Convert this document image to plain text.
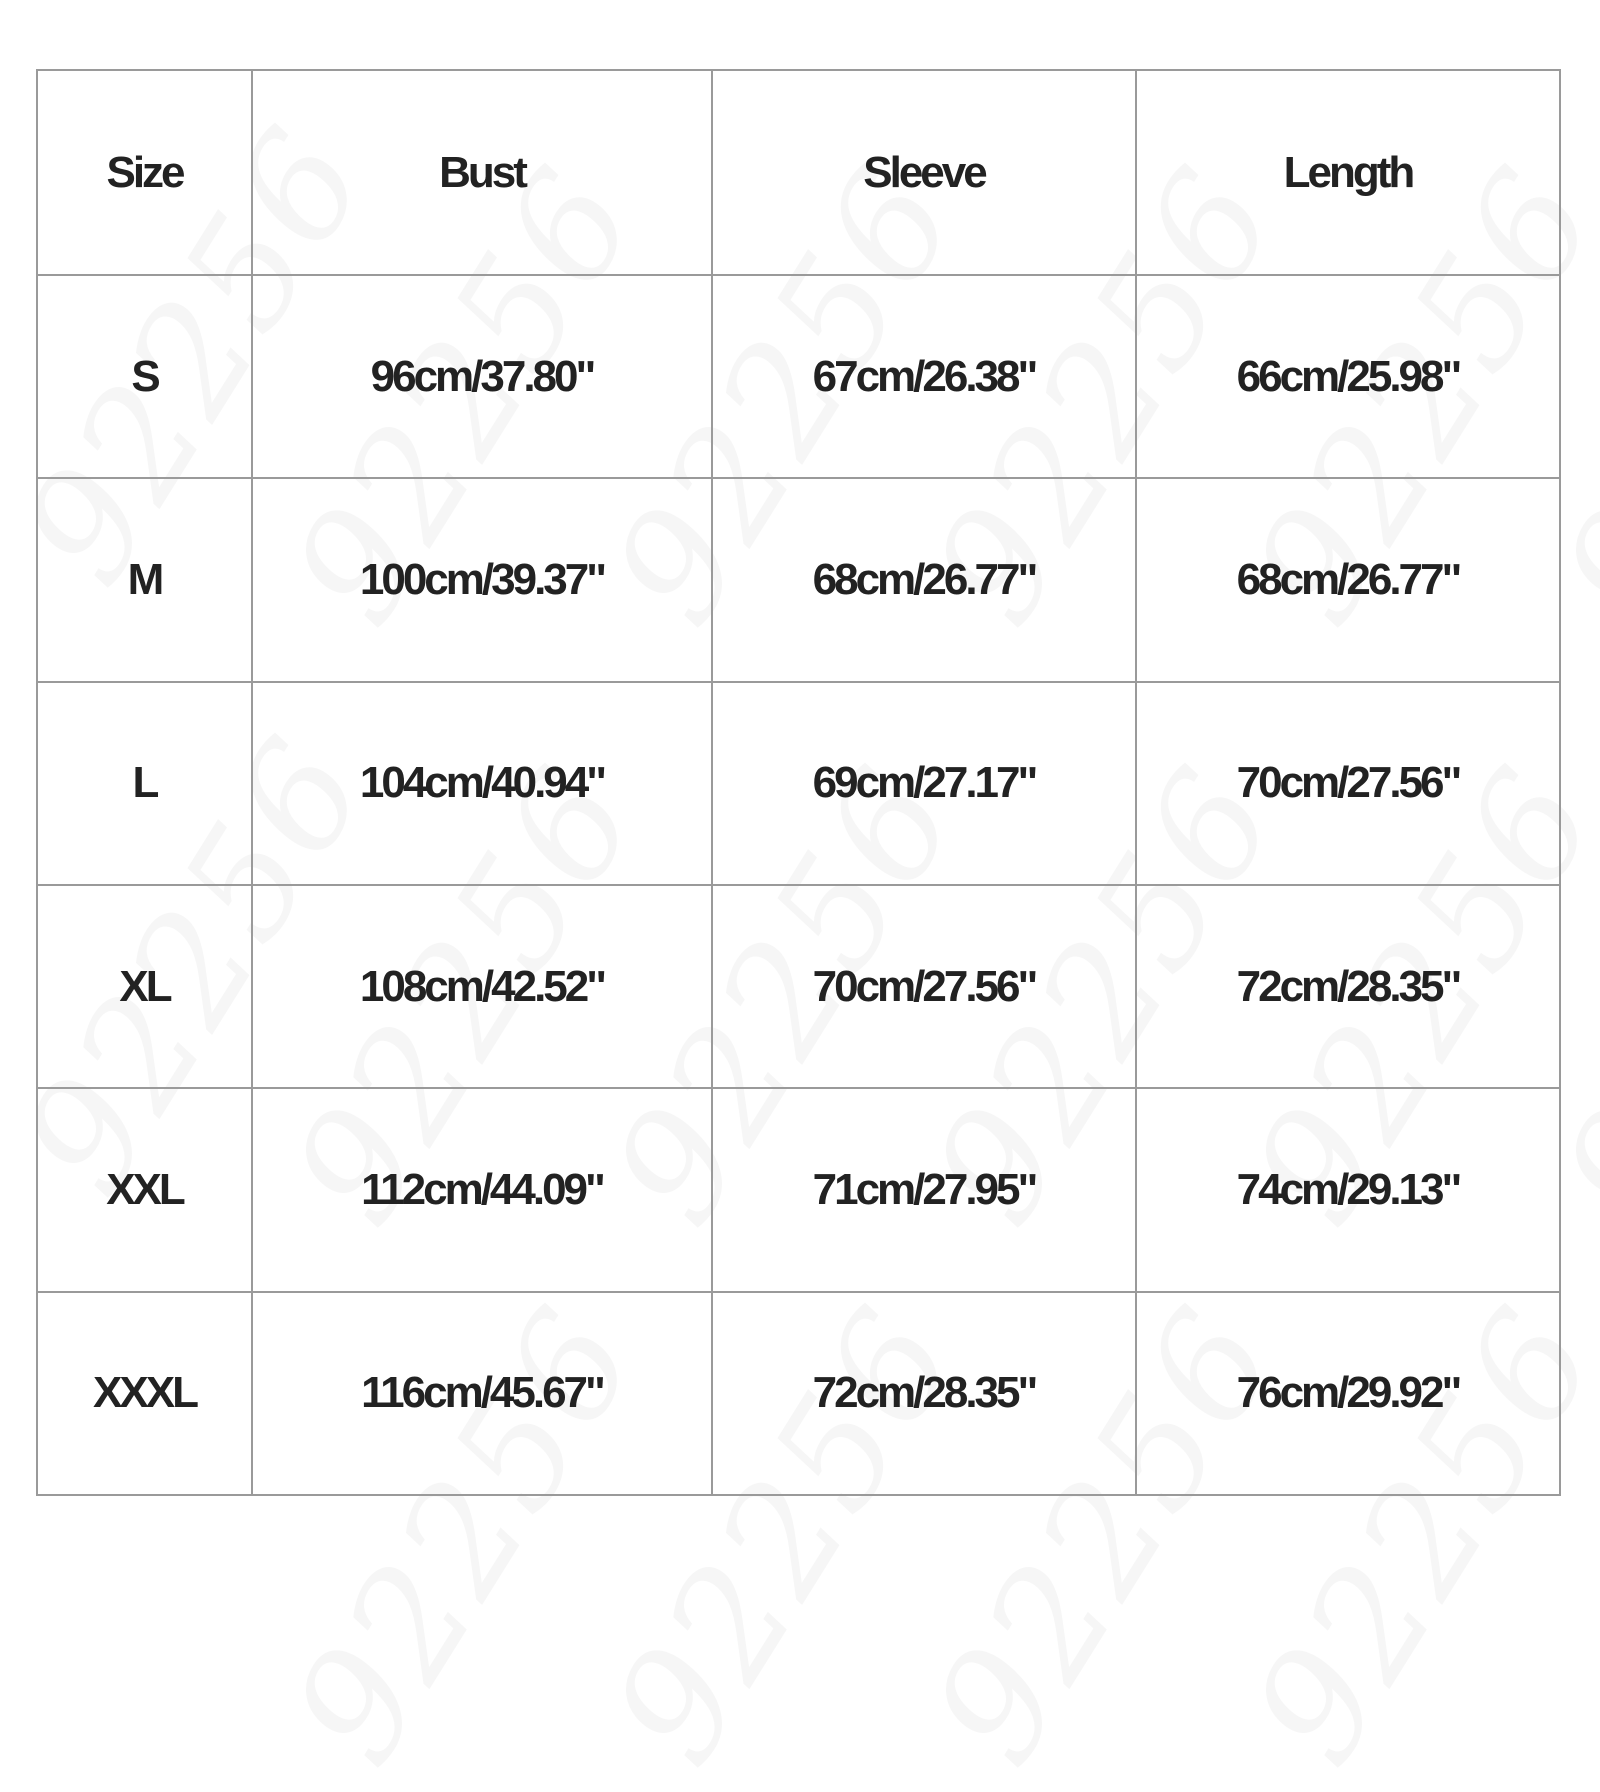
Size	Bust	Sleeve	Length
S	96cm/37.80"	67cm/26.38"	66cm/25.98"
M	100cm/39.37"	68cm/26.77"	68cm/26.77"
L	104cm/40.94"	69cm/27.17"	70cm/27.56"
XL	108cm/42.52"	70cm/27.56"	72cm/28.35"
XXL	112cm/44.09"	71cm/27.95"	74cm/29.13"
XXXL	116cm/45.67"	72cm/28.35"	76cm/29.92"
